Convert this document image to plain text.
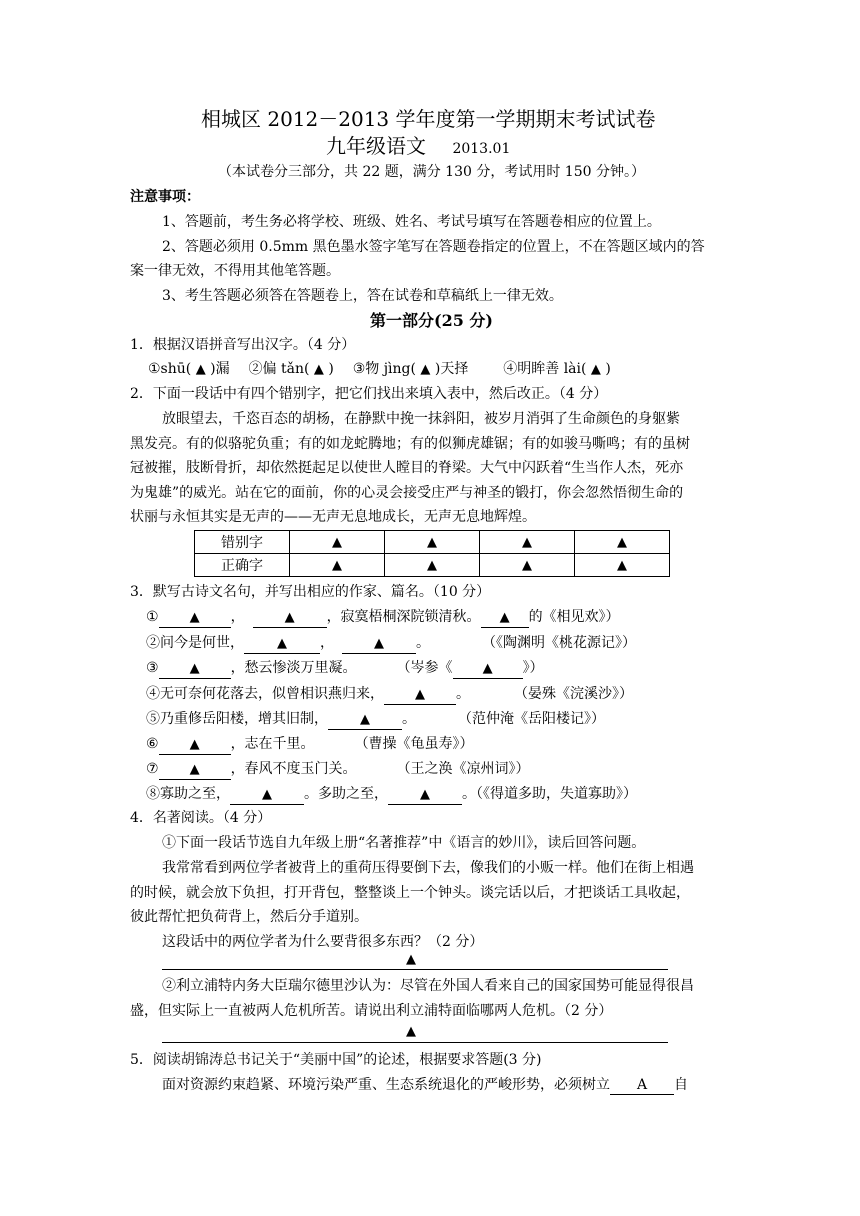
相城区 2012－2013 学年度第一学期期末考试试卷
九年级语文 2013.01
（本试卷分三部分，共 22 题，满分 130 分，考试用时 150 分钟。）
注意事项：
1、答题前，考生务必将学校、班级、姓名、考试号填写在答题卷相应的位置上。
2、答题必须用 0.5mm 黑色墨水签字笔写在答题卷指定的位置上，不在答题区域内的答
案一律无效，不得用其他笔答题。
3、考生答题必须答在答题卷上，答在试卷和草稿纸上一律无效。
第一部分(25 分)
1．根据汉语拼音写出汉字。（4 分）
①shū( ▲ )漏 ②偏 tǎn( ▲ ) ③物 jìng( ▲ )天择 ④明眸善 lài( ▲ )
2．下面一段话中有四个错别字，把它们找出来填入表中，然后改正。（4 分）
放眼望去，千恣百态的胡杨，在静默中挽一抹斜阳，被岁月消弭了生命颜色的身躯紫
黑发亮。有的似骆驼负重；有的如龙蛇腾地；有的似狮虎雄锯；有的如骏马嘶鸣；有的虽树
冠被摧，肢断骨折，却依然挺起足以使世人瞠目的脊梁。大气中闪跃着“生当作人杰，死亦
为鬼雄”的威光。站在它的面前，你的心灵会接受庄严与神圣的锻打，你会忽然悟彻生命的
状丽与永恒其实是无声的——无声无息地成长，无声无息地辉煌。
错别字	▲	▲	▲	▲
正确字	▲	▲	▲	▲
3．默写古诗文名句，并写出相应的作家、篇名。（10 分）
① ▲ ，	▲ ，寂寞梧桐深院锁清秋。 ▲ 的《相见欢》）
②问今是何世，	▲ ，	▲ 。	（《陶渊明《桃花源记》）
③ ▲ ，愁云惨淡万里凝。	（岑参《 ▲ 》）
④无可奈何花落去，似曾相识燕归来， ▲ 。	（晏殊《浣溪沙》）
⑤乃重修岳阳楼，增其旧制， ▲ 。	（范仲淹《岳阳楼记》）
⑥ ▲ ，志在千里。	（曹操《龟虽寿》）
⑦ ▲ ，春风不度玉门关。	（王之涣《凉州词》）
⑧寡助之至， ▲ 。多助之至， ▲ 。（《得道多助，失道寡助》）
4．名著阅读。（4 分）
①下面一段话节选自九年级上册“名著推荐”中《语言的妙川》，读后回答问题。
我常常看到两位学者被背上的重荷压得要倒下去，像我们的小贩一样。他们在街上相遇
的时候，就会放下负担，打开背包，整整谈上一个钟头。谈完话以后，才把谈话工具收起，
彼此帮忙把负荷背上，然后分手道别。
这段话中的两位学者为什么要背很多东西？（2 分）
▲
②利立浦特内务大臣瑞尔德里沙认为：尽管在外国人看来自己的国家国势可能显得很昌
盛，但实际上一直被两人危机所苦。请说出利立浦特面临哪两人危机。（2 分）
▲
5．阅读胡锦涛总书记关于“美丽中国”的论述，根据要求答题(3 分)
面对资源约束趋紧、环境污染严重、生态系统退化的严峻形势，必须树立 A 自
